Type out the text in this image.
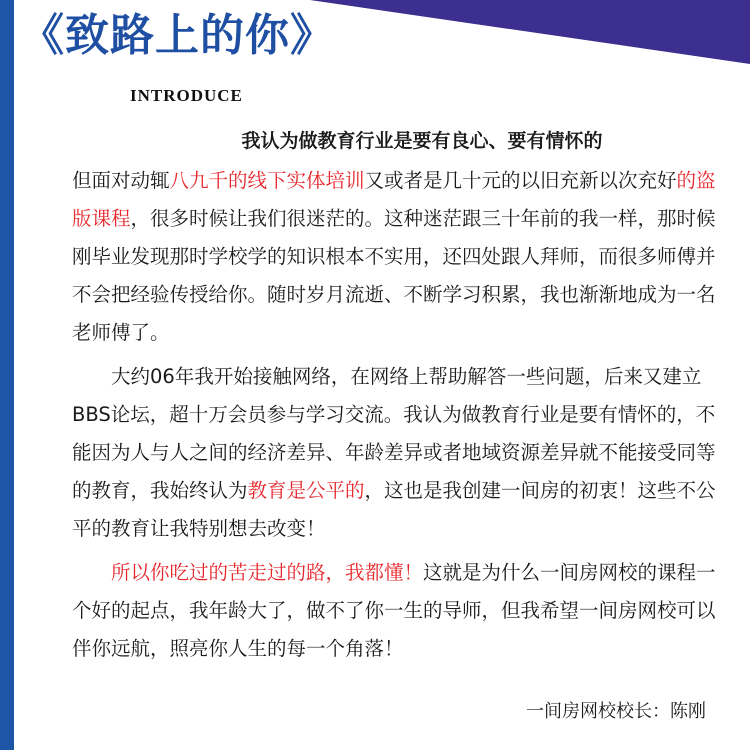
《致路上的你》
INTRODUCE
我认为做教育行业是要有良心、要有情怀的

但面对动辄八九千的线下实体培训又或者是几十元的以旧充新以次充好的盗版课程，很多时候让我们很迷茫的。这种迷茫跟三十年前的我一样，那时候刚毕业发现那时学校学的知识根本不实用，还四处跟人拜师，而很多师傅并不会把经验传授给你。随时岁月流逝、不断学习积累，我也渐渐地成为一名老师傅了。

大约06年我开始接触网络，在网络上帮助解答一些问题，后来又建立BBS论坛，超十万会员参与学习交流。我认为做教育行业是要有情怀的，不能因为人与人之间的经济差异、年龄差异或者地域资源差异就不能接受同等的教育，我始终认为教育是公平的，这也是我创建一间房的初衷！这些不公平的教育让我特别想去改变！

所以你吃过的苦走过的路，我都懂！这就是为什么一间房网校的课程一个好的起点，我年龄大了，做不了你一生的导师，但我希望一间房网校可以伴你远航，照亮你人生的每一个角落！

一间房网校校长：陈刚
